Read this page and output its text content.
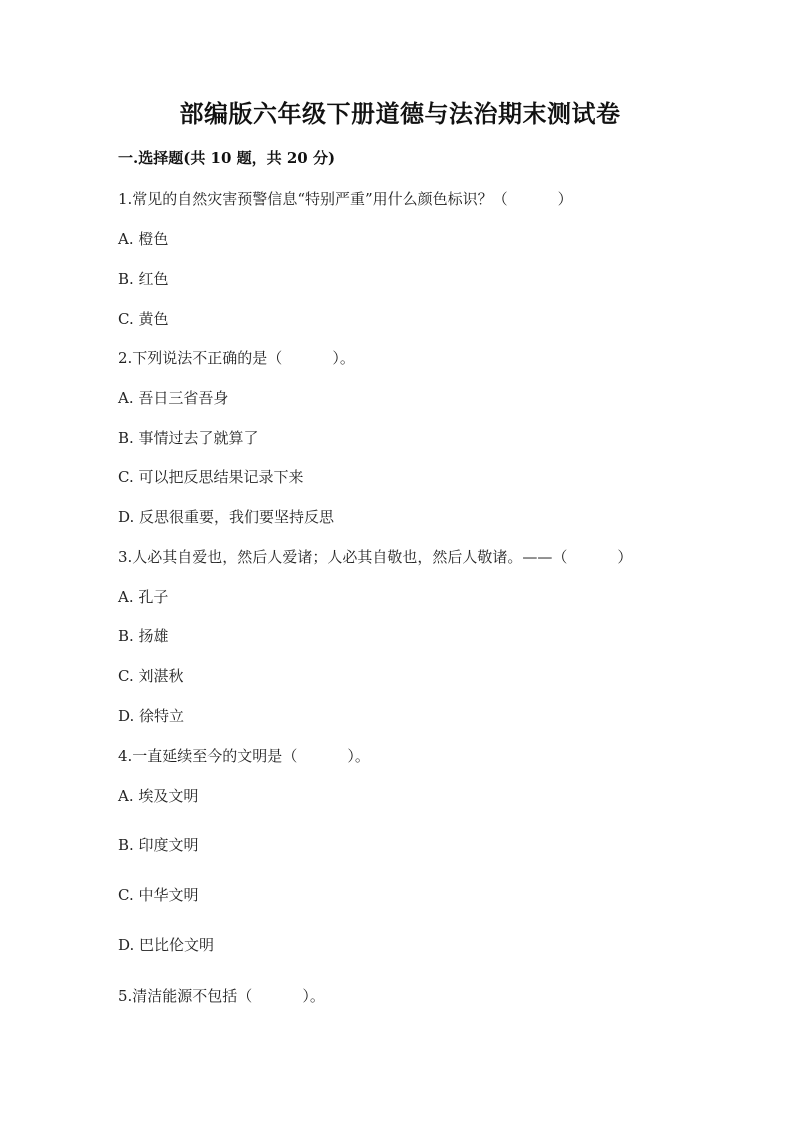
部编版六年级下册道德与法治期末测试卷
一.选择题(共 10 题，共 20 分)
1.常见的自然灾害预警信息“特别严重”用什么颜色标识？（	）
A. 橙色
B. 红色
C. 黄色
2.下列说法不正确的是（	）。
A. 吾日三省吾身
B. 事情过去了就算了
C. 可以把反思结果记录下来
D. 反思很重要，我们要坚持反思
3.人必其自爱也，然后人爱诸；人必其自敬也，然后人敬诸。——（	）
A. 孔子
B. 扬雄
C. 刘湛秋
D. 徐特立
4.一直延续至今的文明是（	）。
A. 埃及文明
B. 印度文明
C. 中华文明
D. 巴比伦文明
5.清洁能源不包括（	）。
